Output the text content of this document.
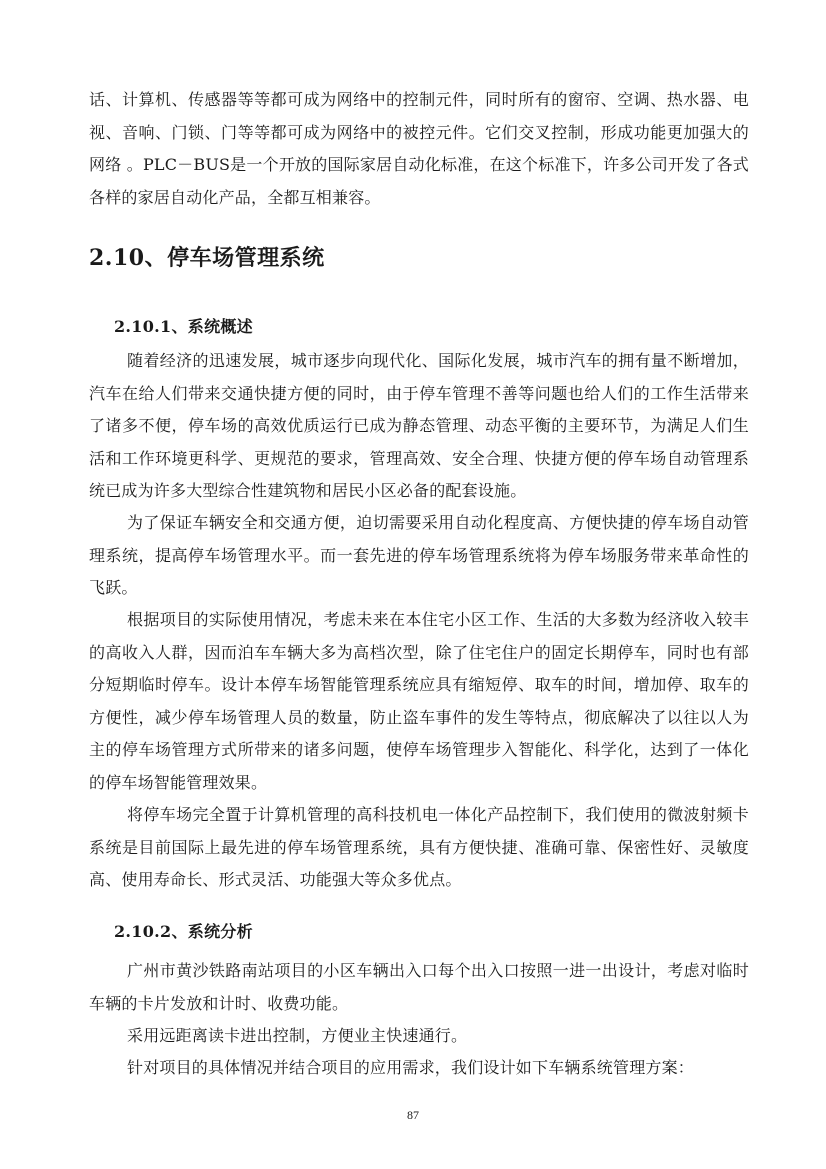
话、计算机、传感器等等都可成为网络中的控制元件，同时所有的窗帘、空调、热水器、电视、音响、门锁、门等等都可成为网络中的被控元件。它们交叉控制，形成功能更加强大的网络 。PLC－BUS是一个开放的国际家居自动化标准，在这个标准下，许多公司开发了各式各样的家居自动化产品，全都互相兼容。

2.10、停车场管理系统
2.10.1、系统概述

随着经济的迅速发展，城市逐步向现代化、国际化发展，城市汽车的拥有量不断增加，汽车在给人们带来交通快捷方便的同时，由于停车管理不善等问题也给人们的工作生活带来了诸多不便，停车场的高效优质运行已成为静态管理、动态平衡的主要环节，为满足人们生活和工作环境更科学、更规范的要求，管理高效、安全合理、快捷方便的停车场自动管理系统已成为许多大型综合性建筑物和居民小区必备的配套设施。

为了保证车辆安全和交通方便，迫切需要采用自动化程度高、方便快捷的停车场自动管理系统，提高停车场管理水平。而一套先进的停车场管理系统将为停车场服务带来革命性的飞跃。

根据项目的实际使用情况，考虑未来在本住宅小区工作、生活的大多数为经济收入较丰的高收入人群，因而泊车车辆大多为高档次型，除了住宅住户的固定长期停车，同时也有部分短期临时停车。设计本停车场智能管理系统应具有缩短停、取车的时间，增加停、取车的方便性，减少停车场管理人员的数量，防止盗车事件的发生等特点，彻底解决了以往以人为主的停车场管理方式所带来的诸多问题，使停车场管理步入智能化、科学化，达到了一体化的停车场智能管理效果。

将停车场完全置于计算机管理的高科技机电一体化产品控制下，我们使用的微波射频卡系统是目前国际上最先进的停车场管理系统，具有方便快捷、准确可靠、保密性好、灵敏度高、使用寿命长、形式灵活、功能强大等众多优点。

2.10.2、系统分析

广州市黄沙铁路南站项目的小区车辆出入口每个出入口按照一进一出设计，考虑对临时车辆的卡片发放和计时、收费功能。

采用远距离读卡进出控制，方便业主快速通行。

针对项目的具体情况并结合项目的应用需求，我们设计如下车辆系统管理方案：

87
